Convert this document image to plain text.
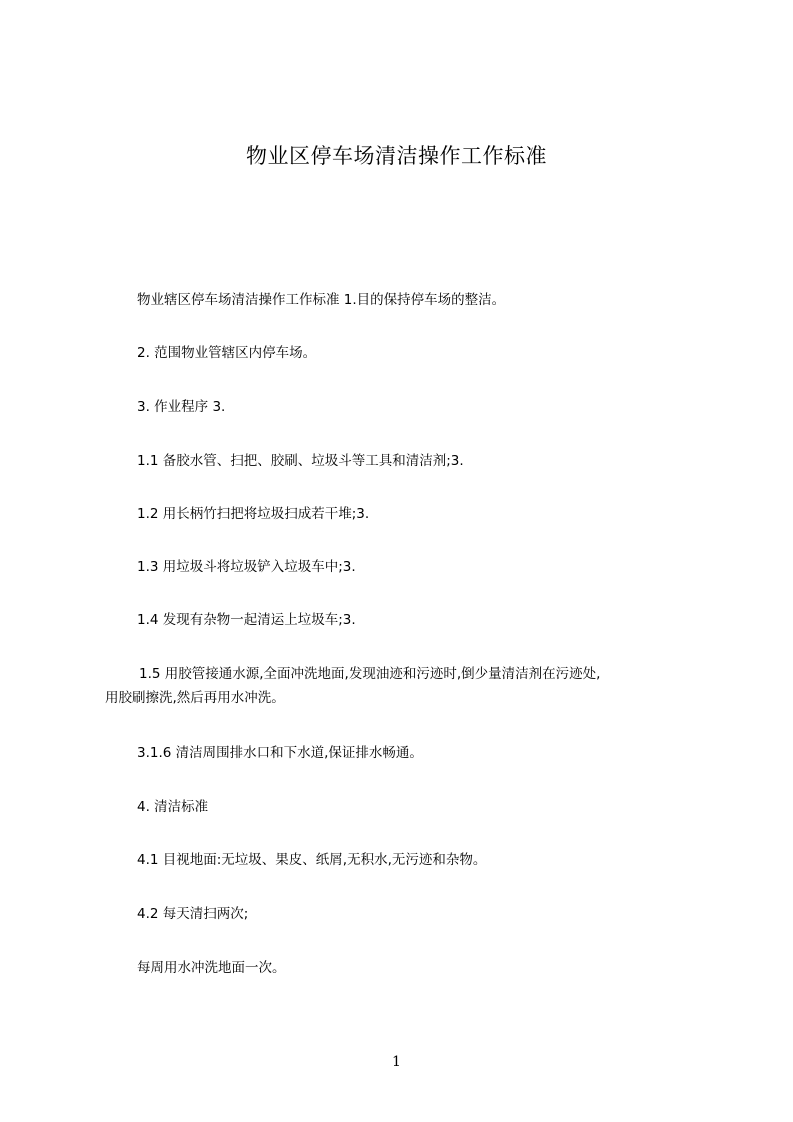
物业区停车场清洁操作工作标准
物业辖区停车场清洁操作工作标准 1.目的保持停车场的整洁。
2. 范围物业管辖区内停车场。
3. 作业程序 3.
1.1 备胶水管、扫把、胶刷、垃圾斗等工具和清洁剂;3.
1.2 用长柄竹扫把将垃圾扫成若干堆;3.
1.3 用垃圾斗将垃圾铲入垃圾车中;3.
1.4 发现有杂物一起清运上垃圾车;3.
1.5 用胶管接通水源,全面冲洗地面,发现油迹和污迹时,倒少量清洁剂在污迹处,
用胶刷擦洗,然后再用水冲洗。
3.1.6 清洁周围排水口和下水道,保证排水畅通。
4. 清洁标准
4.1 目视地面:无垃圾、果皮、纸屑,无积水,无污迹和杂物。
4.2 每天清扫两次;
每周用水冲洗地面一次。
1
